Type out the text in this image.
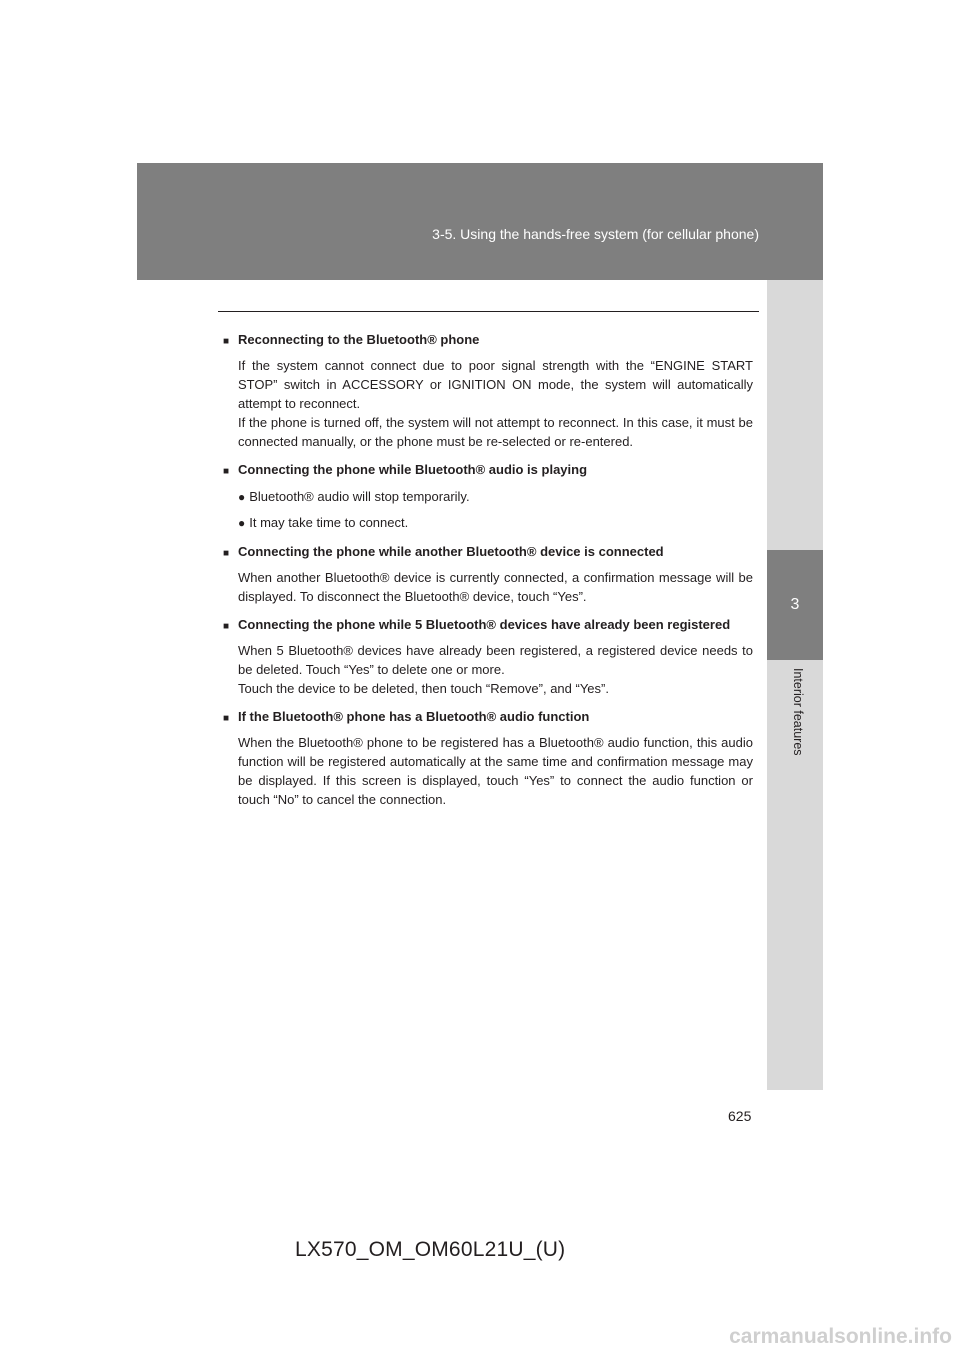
3-5. Using the hands-free system (for cellular phone)
3
Interior features
■ Reconnecting to the Bluetooth® phone

If the system cannot connect due to poor signal strength with the “ENGINE START STOP” switch in ACCESSORY or IGNITION ON mode, the system will automatically attempt to reconnect.

If the phone is turned off, the system will not attempt to reconnect. In this case, it must be connected manually, or the phone must be re-selected or re-entered.

■ Connecting the phone while Bluetooth® audio is playing
● Bluetooth® audio will stop temporarily.
● It may take time to connect.
■ Connecting the phone while another Bluetooth® device is connected

When another Bluetooth® device is currently connected, a confirmation message will be displayed. To disconnect the Bluetooth® device, touch “Yes”.

■ Connecting the phone while 5 Bluetooth® devices have already been registered

When 5 Bluetooth® devices have already been registered, a registered device needs to be deleted. Touch “Yes” to delete one or more.

Touch the device to be deleted, then touch “Remove”, and “Yes”.

■ If the Bluetooth® phone has a Bluetooth® audio function

When the Bluetooth® phone to be registered has a Bluetooth® audio function, this audio function will be registered automatically at the same time and confirmation message may be displayed. If this screen is displayed, touch “Yes” to connect the audio function or touch “No” to cancel the connection.

625
LX570_OM_OM60L21U_(U)
carmanualsonline.info
